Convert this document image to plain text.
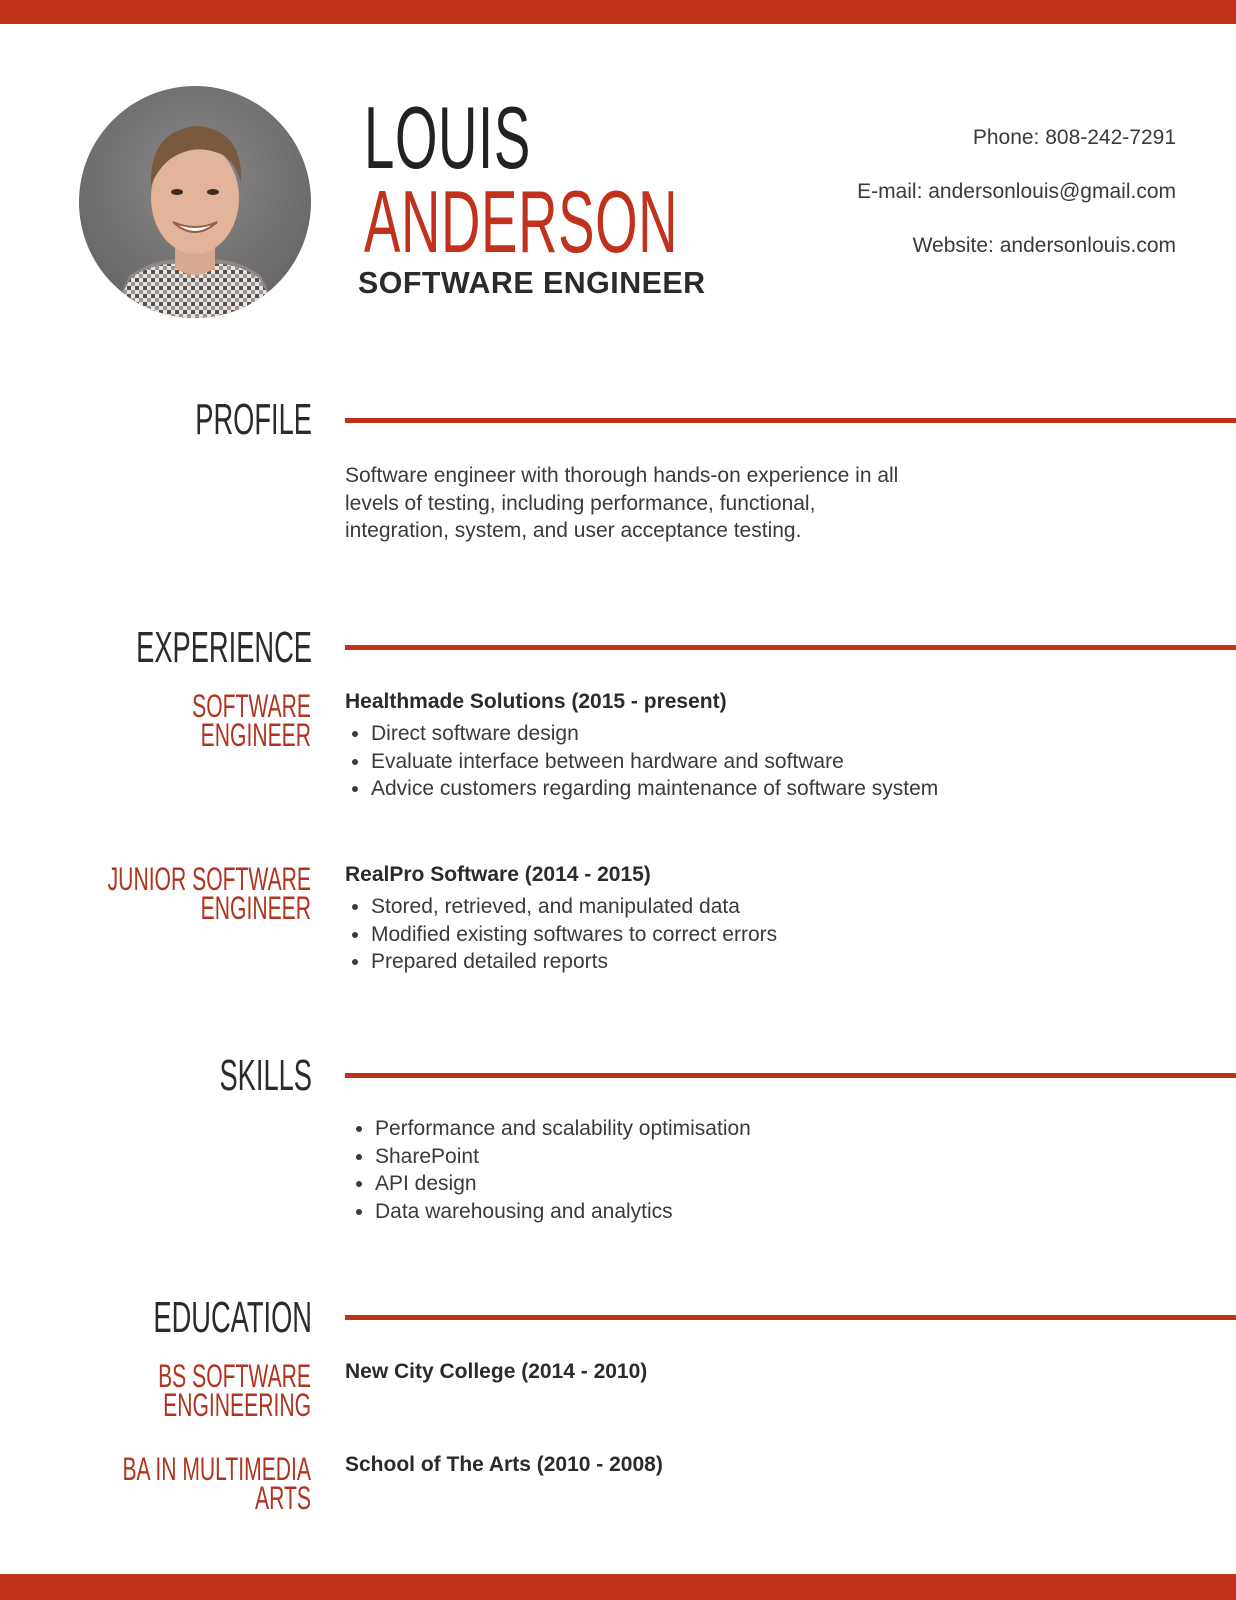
LOUIS
ANDERSON
SOFTWARE ENGINEER
Phone: 808-242-7291
E-mail: andersonlouis@gmail.com
Website: andersonlouis.com
PROFILE
Software engineer with thorough hands-on experience in all
levels of testing, including performance, functional,
integration, system, and user acceptance testing.
EXPERIENCE
SOFTWARE ENGINEER
Healthmade Solutions (2015 - present)
• Direct software design
• Evaluate interface between hardware and software
• Advice customers regarding maintenance of software system
JUNIOR SOFTWARE
ENGINEER
RealPro Software (2014 - 2015)
• Stored, retrieved, and manipulated data
• Modified existing softwares to correct errors
• Prepared detailed reports
SKILLS
• Performance and scalability optimisation
• SharePoint
• API design
• Data warehousing and analytics
EDUCATION
BS SOFTWARE
ENGINEERING
New City College (2014 - 2010)
BA IN MULTIMEDIA
ARTS
School of The Arts (2010 - 2008)
